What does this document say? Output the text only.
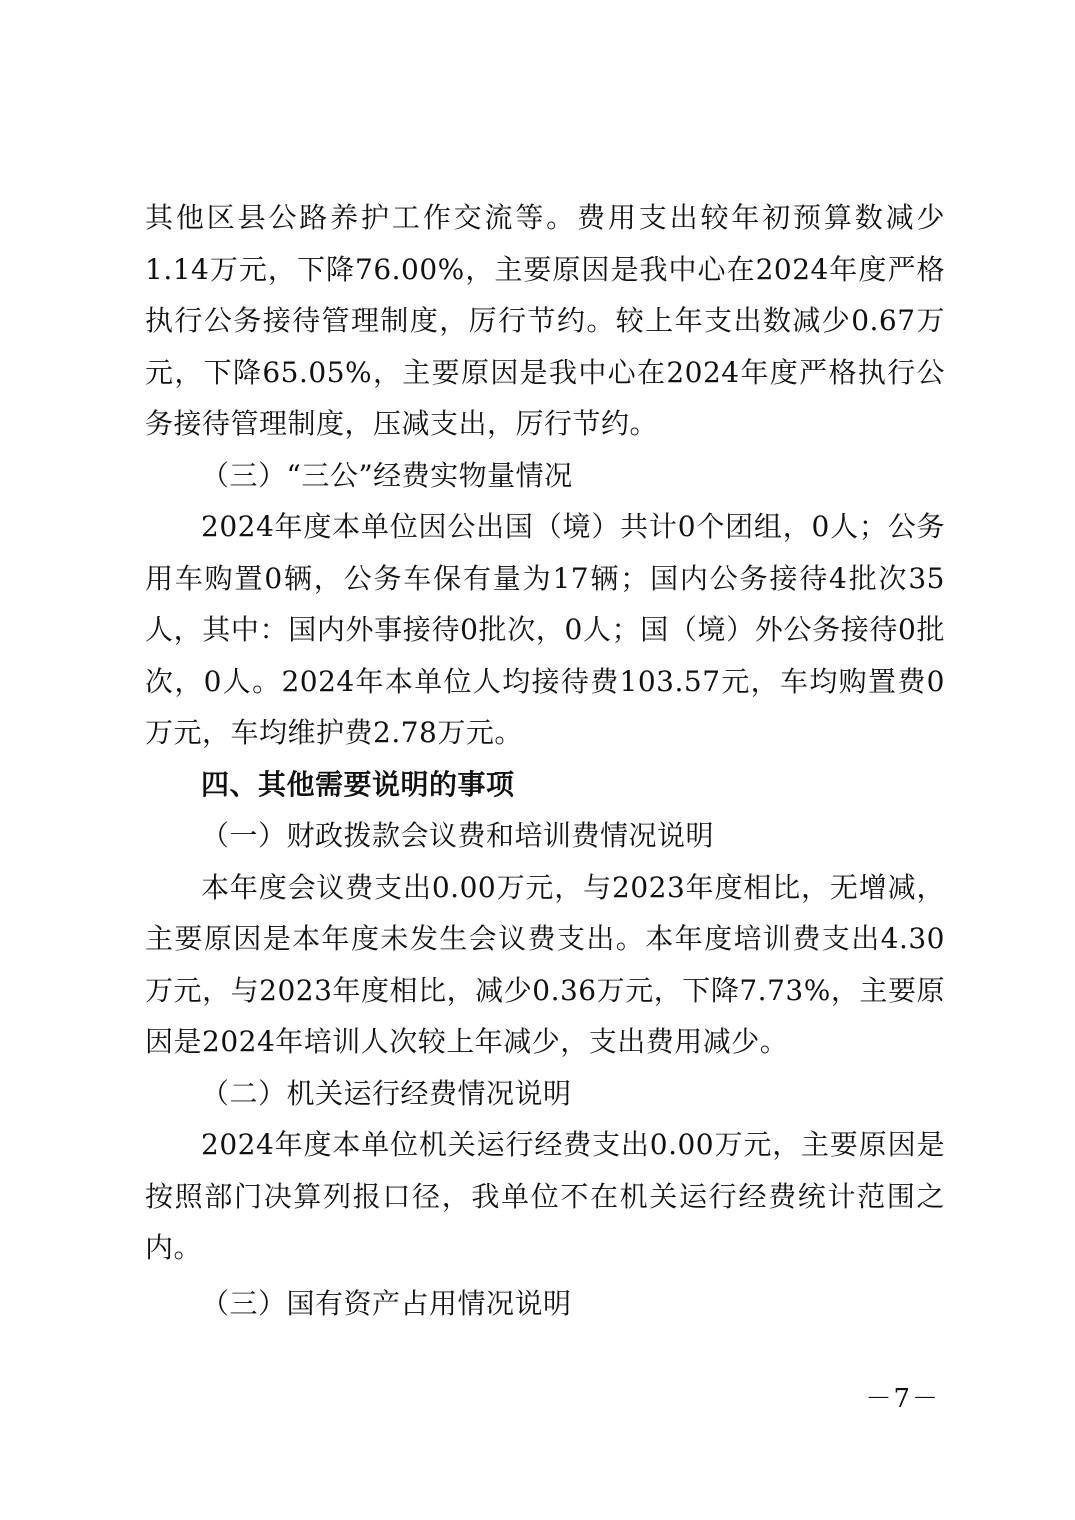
其他区县公路养护工作交流等。费用支出较年初预算数减少1.14万元，下降76.00%，主要原因是我中心在2024年度严格执行公务接待管理制度，厉行节约。较上年支出数减少0.67万元，下降65.05%，主要原因是我中心在2024年度严格执行公务接待管理制度，压减支出，厉行节约。

（三）“三公”经费实物量情况

2024年度本单位因公出国（境）共计0个团组，0人；公务用车购置0辆，公务车保有量为17辆；国内公务接待4批次35人，其中：国内外事接待0批次，0人；国（境）外公务接待0批次，0人。2024年本单位人均接待费103.57元，车均购置费0万元，车均维护费2.78万元。

四、其他需要说明的事项

（一）财政拨款会议费和培训费情况说明

本年度会议费支出0.00万元，与2023年度相比，无增减，主要原因是本年度未发生会议费支出。本年度培训费支出4.30万元，与2023年度相比，减少0.36万元，下降7.73%，主要原因是2024年培训人次较上年减少，支出费用减少。

（二）机关运行经费情况说明

2024年度本单位机关运行经费支出0.00万元，主要原因是按照部门决算列报口径，我单位不在机关运行经费统计范围之内。

（三）国有资产占用情况说明

－7－
